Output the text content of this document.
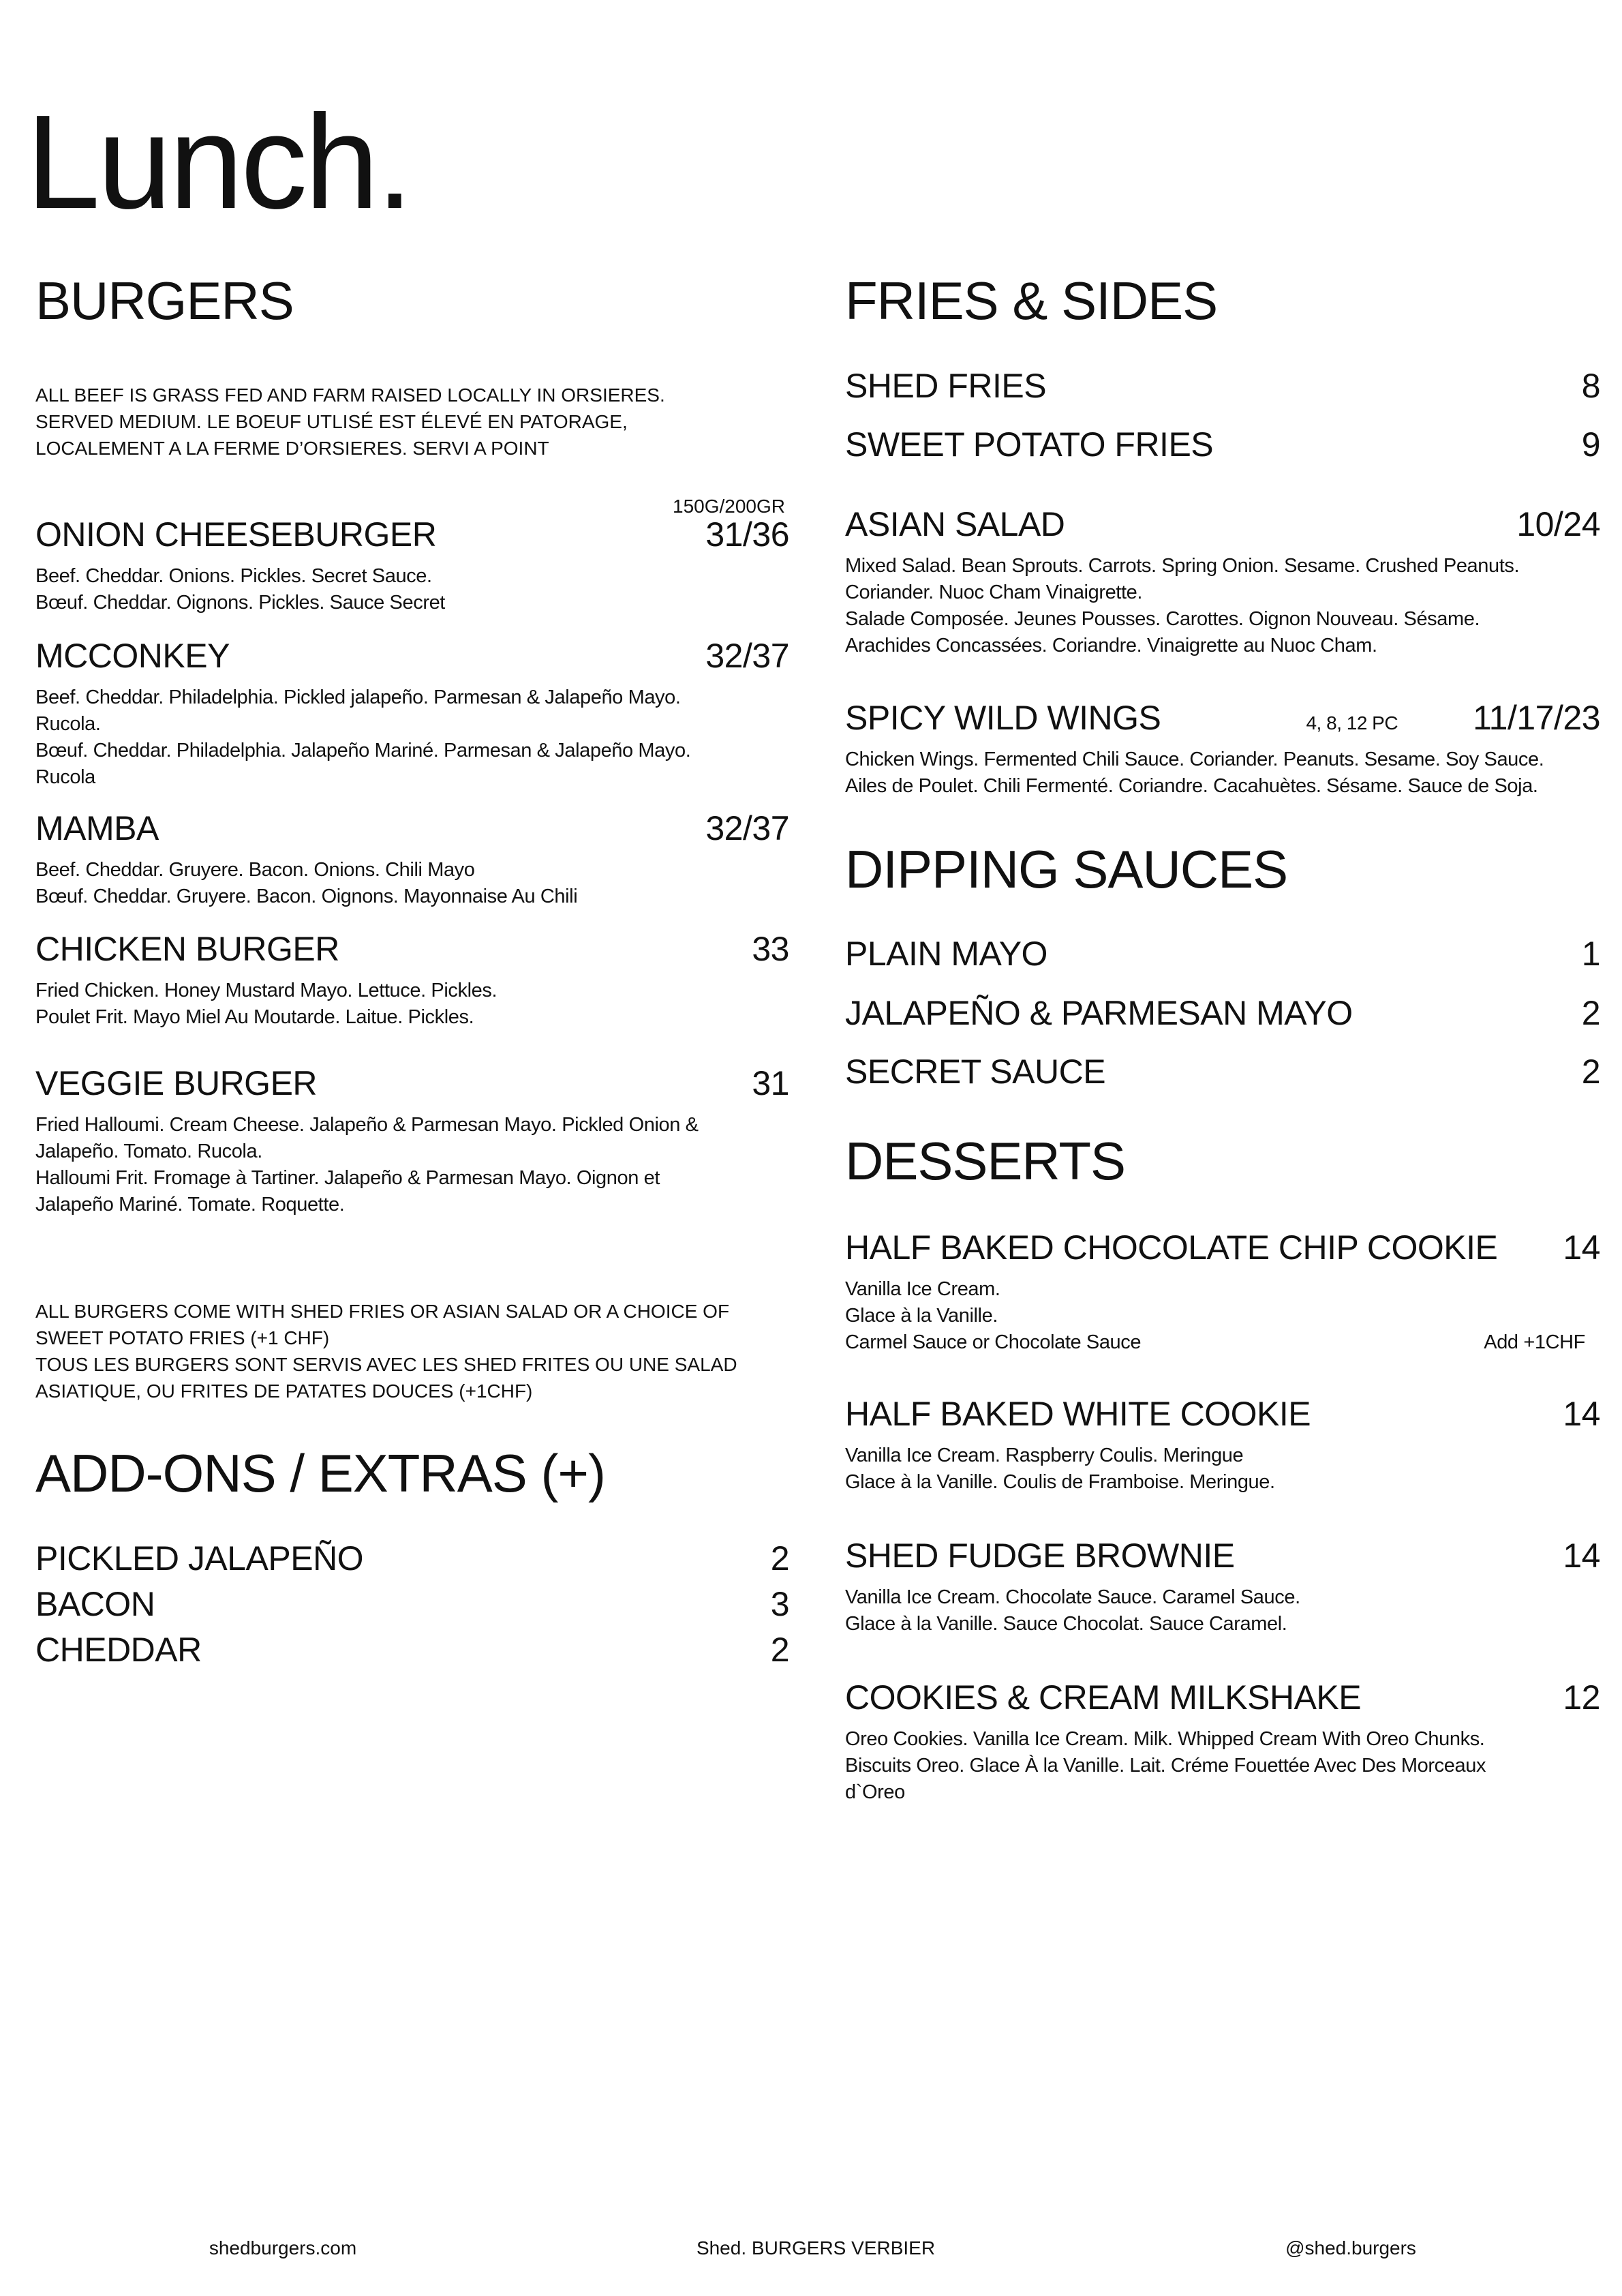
Lunch.
BURGERS
ALL BEEF IS GRASS FED AND FARM RAISED LOCALLY IN ORSIERES.
SERVED MEDIUM. LE BOEUF UTLISÉ EST ÉLEVÉ EN PATORAGE,
LOCALEMENT A LA FERME D’ORSIERES. SERVI A POINT
150G/200GR
ONION CHEESEBURGER	31/36
Beef. Cheddar. Onions. Pickles. Secret Sauce.
Bœuf. Cheddar. Oignons. Pickles. Sauce Secret
MCCONKEY	32/37
Beef. Cheddar. Philadelphia. Pickled jalapeño. Parmesan & Jalapeño Mayo.
Rucola.
Bœuf. Cheddar. Philadelphia. Jalapeño Mariné. Parmesan & Jalapeño Mayo.
Rucola
MAMBA	32/37
Beef. Cheddar. Gruyere. Bacon. Onions. Chili Mayo
Bœuf. Cheddar. Gruyere. Bacon. Oignons. Mayonnaise Au Chili
CHICKEN BURGER	33
Fried Chicken. Honey Mustard Mayo. Lettuce. Pickles.
Poulet Frit. Mayo Miel Au Moutarde. Laitue. Pickles.
VEGGIE BURGER	31
Fried Halloumi. Cream Cheese. Jalapeño & Parmesan Mayo. Pickled Onion &
Jalapeño. Tomato. Rucola.
Halloumi Frit. Fromage à Tartiner. Jalapeño & Parmesan Mayo. Oignon et
Jalapeño Mariné. Tomate. Roquette.
ALL BURGERS COME WITH SHED FRIES OR ASIAN SALAD OR A CHOICE OF
SWEET POTATO FRIES (+1 CHF)
TOUS LES BURGERS SONT SERVIS AVEC LES SHED FRITES OU UNE SALAD
ASIATIQUE, OU FRITES DE PATATES DOUCES (+1CHF)
ADD-ONS / EXTRAS (+)
PICKLED JALAPEÑO	2
BACON	3
CHEDDAR	2
FRIES & SIDES
SHED FRIES	8
SWEET POTATO FRIES	9
ASIAN SALAD	10/24
Mixed Salad. Bean Sprouts. Carrots. Spring Onion. Sesame. Crushed Peanuts.
Coriander. Nuoc Cham Vinaigrette.
Salade Composée. Jeunes Pousses. Carottes. Oignon Nouveau. Sésame.
Arachides Concassées. Coriandre. Vinaigrette au Nuoc Cham.
SPICY WILD WINGS	4, 8, 12 PC 11/17/23
Chicken Wings. Fermented Chili Sauce. Coriander. Peanuts. Sesame. Soy Sauce.
Ailes de Poulet. Chili Fermenté. Coriandre. Cacahuètes. Sésame. Sauce de Soja.
DIPPING SAUCES
PLAIN MAYO	1
JALAPEÑO & PARMESAN MAYO	2
SECRET SAUCE	2
DESSERTS
HALF BAKED CHOCOLATE CHIP COOKIE 14
Vanilla Ice Cream.
Glace à la Vanille.
Carmel Sauce or Chocolate Sauce	Add +1CHF
HALF BAKED WHITE COOKIE	14
Vanilla Ice Cream. Raspberry Coulis. Meringue
Glace à la Vanille. Coulis de Framboise. Meringue.
SHED FUDGE BROWNIE	14
Vanilla Ice Cream. Chocolate Sauce. Caramel Sauce.
Glace à la Vanille. Sauce Chocolat. Sauce Caramel.
COOKIES & CREAM MILKSHAKE	12
Oreo Cookies. Vanilla Ice Cream. Milk. Whipped Cream With Oreo Chunks.
Biscuits Oreo. Glace À la Vanille. Lait. Créme Fouettée Avec Des Morceaux
d`Oreo
shedburgers.com	Shed. BURGERS VERBIER	@shed.burgers
